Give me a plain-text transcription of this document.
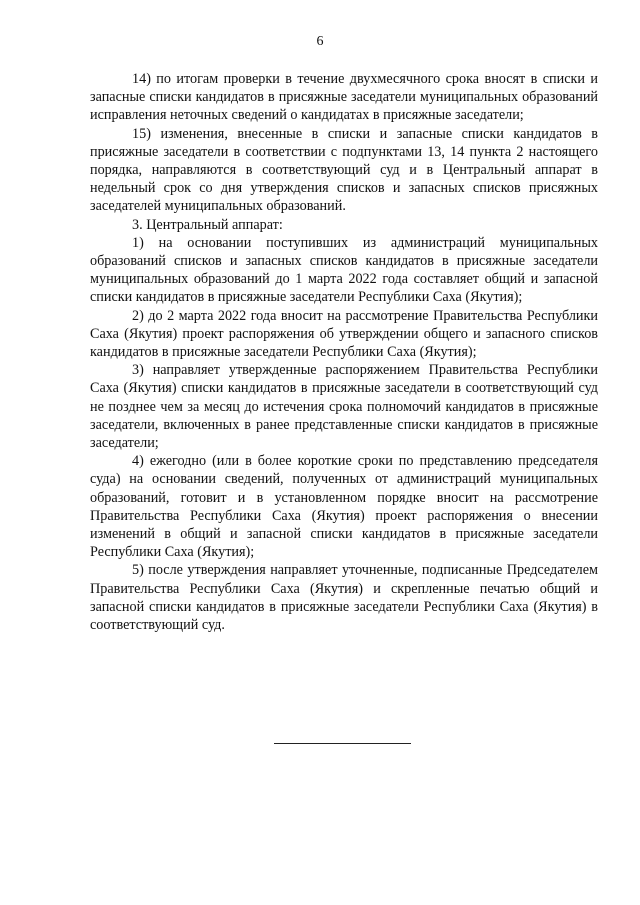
6

14) по итогам проверки в течение двухмесячного срока вносят в списки и запасные списки кандидатов в присяжные заседатели муниципальных образований исправления неточных сведений о кандидатах в присяжные заседатели;

15) изменения, внесенные в списки и запасные списки кандидатов в присяжные заседатели в соответствии с подпунктами 13, 14 пункта 2 настоящего порядка, направляются в соответствующий суд и в Центральный аппарат в недельный срок со дня утверждения списков и запасных списков присяжных заседателей муниципальных образований.

3. Центральный аппарат:

1) на основании поступивших из администраций муниципальных образований списков и запасных списков кандидатов в присяжные заседатели муниципальных образований до 1 марта 2022 года составляет общий и запасной списки кандидатов в присяжные заседатели Республики Саха (Якутия);

2) до 2 марта 2022 года вносит на рассмотрение Правительства Республики Саха (Якутия) проект распоряжения об утверждении общего и запасного списков кандидатов в присяжные заседатели Республики Саха (Якутия);

3) направляет утвержденные распоряжением Правительства Республики Саха (Якутия) списки кандидатов в присяжные заседатели в соответствующий суд не позднее чем за месяц до истечения срока полномочий кандидатов в присяжные заседатели, включенных в ранее представленные списки кандидатов в присяжные заседатели;

4) ежегодно (или в более короткие сроки по представлению председателя суда) на основании сведений, полученных от администраций муниципальных образований, готовит и в установленном порядке вносит на рассмотрение Правительства Республики Саха (Якутия) проект распоряжения о внесении изменений в общий и запасной списки кандидатов в присяжные заседатели Республики Саха (Якутия);

5) после утверждения направляет уточненные, подписанные Председателем Правительства Республики Саха (Якутия) и скрепленные печатью общий и запасной списки кандидатов в присяжные заседатели Республики Саха (Якутия) в соответствующий суд.
